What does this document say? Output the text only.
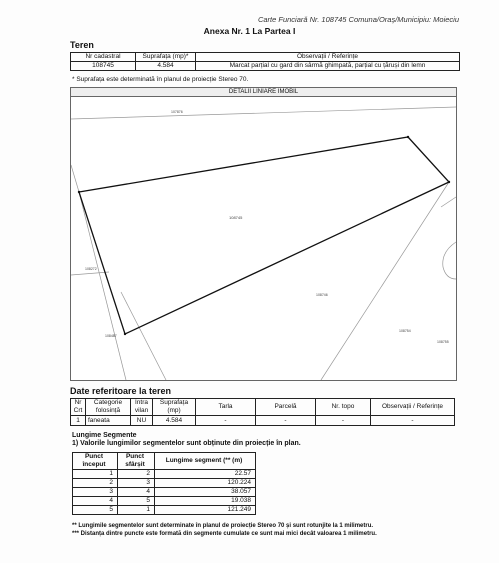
Carte Funciară Nr. 108745 Comuna/Oraș/Municipiu: Moieciu
Anexa Nr. 1 La Partea I
Teren
Nr cadastral	Suprafața (mp)*	Observații / Referințe
108745	4.584	Marcat parțial cu gard din sârmă ghimpată, parțial cu țăruși din lemn
* Suprafața este determinată în planul de proiecție Stereo 70.
DETALII LINIARE IMOBIL
108745
107876
108272
108746
108754
108755
108487
Date referitoare la teren
Nr Crt	Categorie folosință	Intra vilan	Suprafața (mp)	Tarla	Parcelă	Nr. topo	Observații / Referințe
1	faneata	NU	4.584	-	-	-	-
Lungime Segmente
1) Valorile lungimilor segmentelor sunt obținute din proiecție în plan.
Punct început	Punct sfârșit	Lungime segment (** (m)
1	2	22.57
2	3	120.224
3	4	38.057
4	5	19.038
5	1	121.249
** Lungimile segmentelor sunt determinate în planul de proiecție Stereo 70 și sunt rotunjite la 1 milimetru.
*** Distanța dintre puncte este formată din segmente cumulate ce sunt mai mici decât valoarea 1 milimetru.
